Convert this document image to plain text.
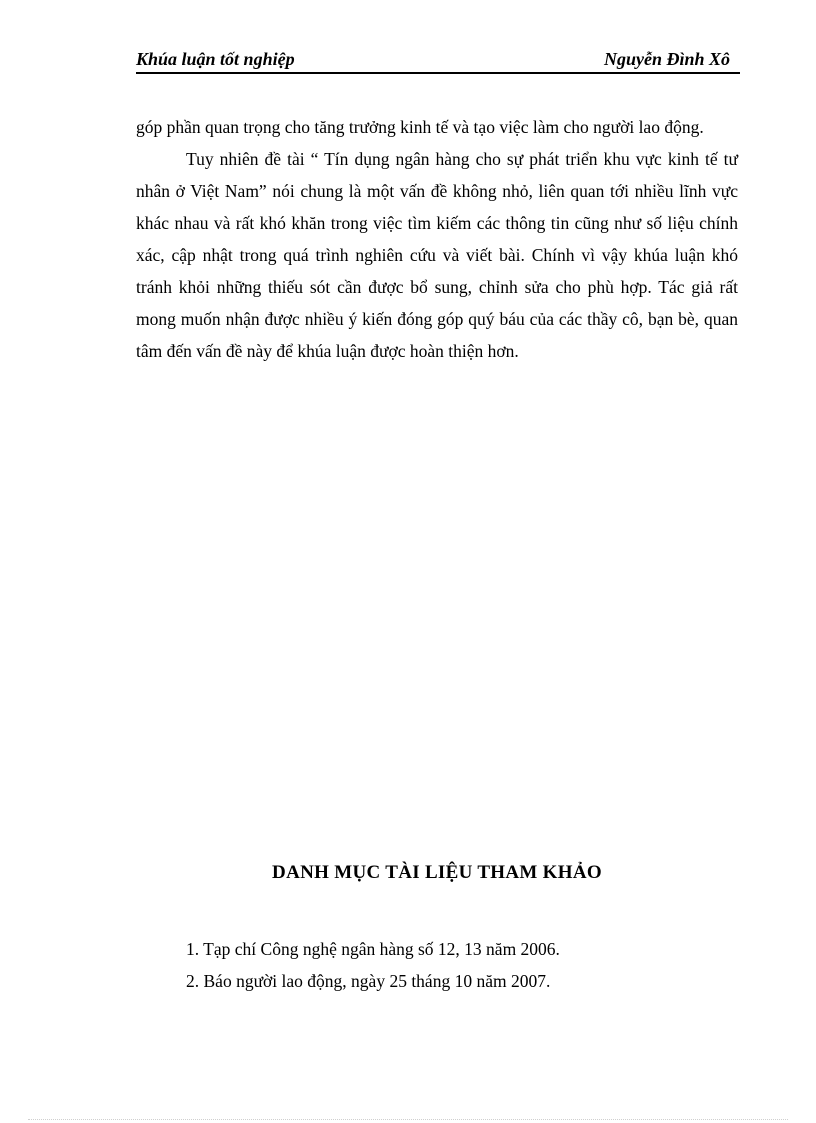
Khúa luận tốt nghiệp	Nguyễn Đình Xô

góp phần quan trọng cho tăng trưởng kinh tế và tạo việc làm cho người lao động.

Tuy nhiên đề tài “ Tín dụng ngân hàng cho sự phát triển khu vực kinh tế tư nhân ở Việt Nam” nói chung là một vấn đề không nhỏ, liên quan tới nhiều lĩnh vực khác nhau và rất khó khăn trong việc tìm kiếm các thông tin cũng như số liệu chính xác, cập nhật trong quá trình nghiên cứu và viết bài. Chính vì vậy khúa luận khó tránh khỏi những thiếu sót cần được bổ sung, chỉnh sửa cho phù hợp. Tác giả rất mong muốn nhận được nhiều ý kiến đóng góp quý báu của các thầy cô, bạn bè, quan tâm đến vấn đề này để khúa luận được hoàn thiện hơn.

DANH MỤC TÀI LIỆU THAM KHẢO
1. Tạp chí Công nghệ ngân hàng số 12, 13 năm 2006.
2. Báo người lao động, ngày 25 tháng 10 năm 2007.
